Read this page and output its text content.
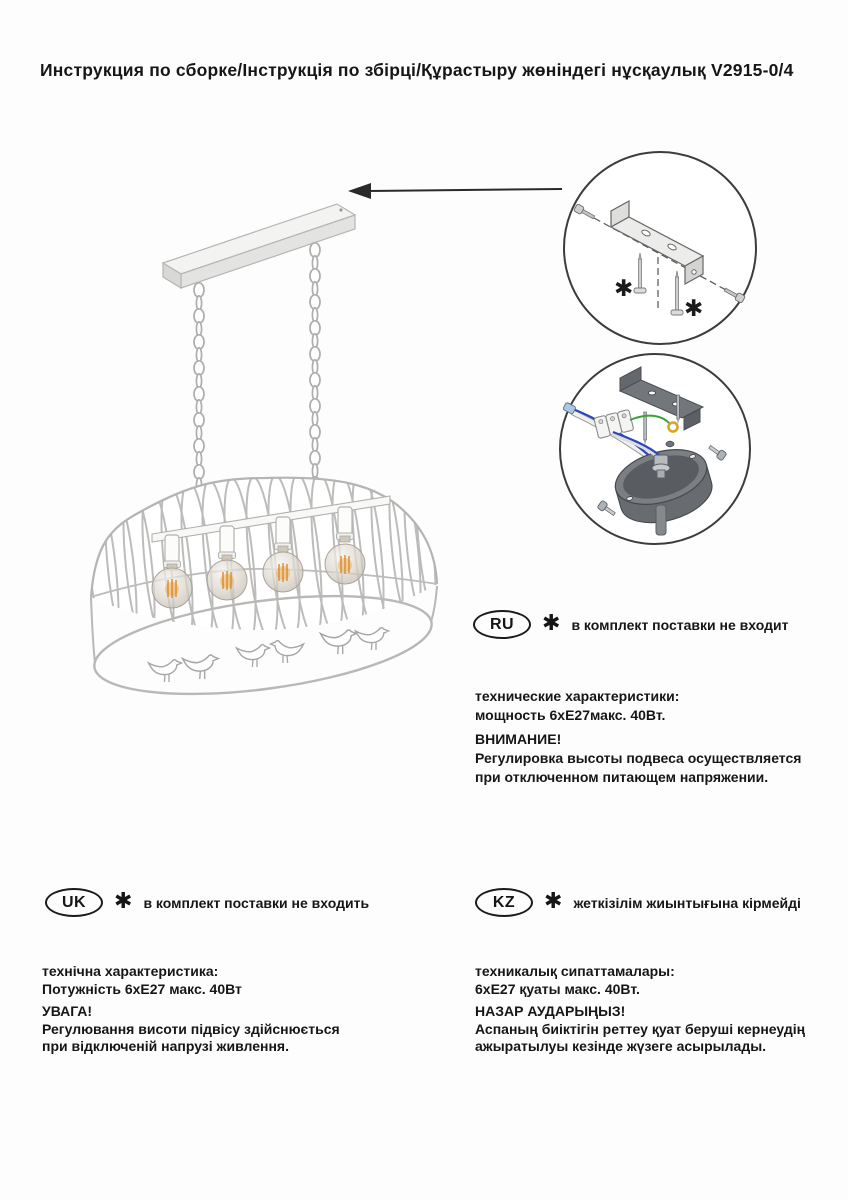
Инструкция по сборке/Інструкція по збірці/Құрастыру жөніндегі нұсқаулық V2915-0/4
✱
✱
RU	✱ в комплект поставки не входит
технические характеристики:
мощность 6хЕ27макс. 40Вт.
ВНИМАНИЕ!
Регулировка высоты подвеса осуществляется
при отключенном питающем напряжении.
UK	✱ в комплект поставки не входить
технічна характеристика:
Потужність 6хЕ27 макс. 40Вт
УВАГА!
Регулювання висоти підвісу здійснюється
при відключеній напрузі живлення.
KZ	✱ жеткізілім жиынтығына кірмейді
техникалық сипаттамалары:
6хЕ27 қуаты макс. 40Вт.
НАЗАР АУДАРЫҢЫЗ!
Аспаның биіктігін реттеу қуат беруші кернеудің
ажыратылуы кезінде жүзеге асырылады.
